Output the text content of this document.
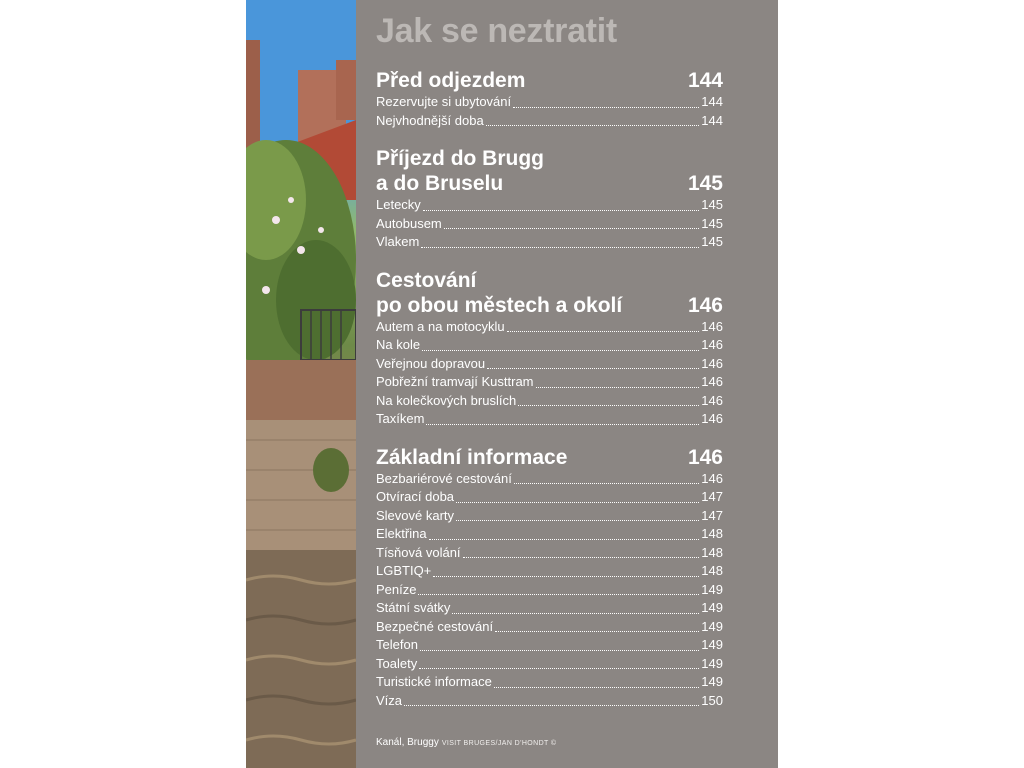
Jak se neztratit
Před odjezdem	144
Rezervujte si ubytování	144
Nejvhodnější doba	144
Příjezd do Brugg
a do Bruselu	145
Letecky	145
Autobusem	145
Vlakem	145
Cestování
po obou městech a okolí	146
Autem a na motocyklu	146
Na kole	146
Veřejnou dopravou	146
Pobřežní tramvají Kusttram	146
Na kolečkových bruslích	146
Taxíkem	146
Základní informace	146
Bezbariérové cestování	146
Otvírací doba	147
Slevové karty	147
Elektřina	148
Tísňová volání	148
LGBTIQ+	148
Peníze	149
Státní svátky	149
Bezpečné cestování	149
Telefon	149
Toalety	149
Turistické informace	149
Víza	150
Kanál, Bruggy VISIT BRUGES/JAN D'HONDT ©
